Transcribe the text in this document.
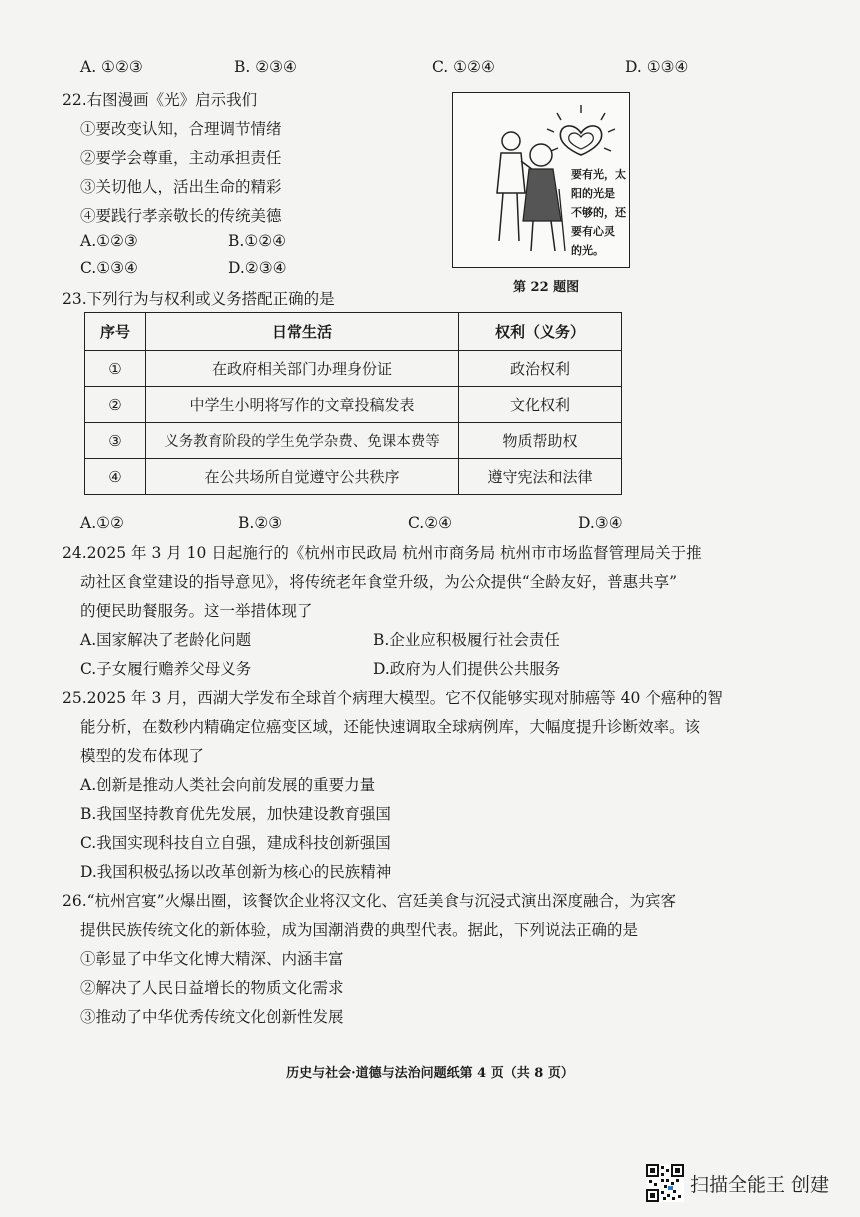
A. ①②③	B. ②③④	C. ①②④	D. ①③④
22.右图漫画《光》启示我们
①要改变认知，合理调节情绪
②要学会尊重，主动承担责任
③关切他人，活出生命的精彩
④要践行孝亲敬长的传统美德
A.①②③	B.①②④
C.①③④	D.②③④
要有光，太
阳的光是
不够的，还
要有心灵
的光。
第 22 题图
23.下列行为与权利或义务搭配正确的是
序号	日常生活	权利（义务）
①	在政府相关部门办理身份证	政治权利
②	中学生小明将写作的文章投稿发表	文化权利
③	义务教育阶段的学生免学杂费、免课本费等	物质帮助权
④	在公共场所自觉遵守公共秩序	遵守宪法和法律
A.①②	B.②③	C.②④	D.③④
24.2025 年 3 月 10 日起施行的《杭州市民政局 杭州市商务局 杭州市市场监督管理局关于推
动社区食堂建设的指导意见》，将传统老年食堂升级，为公众提供“全龄友好，普惠共享”
的便民助餐服务。这一举措体现了
A.国家解决了老龄化问题	B.企业应积极履行社会责任
C.子女履行赡养父母义务	D.政府为人们提供公共服务
25.2025 年 3 月，西湖大学发布全球首个病理大模型。它不仅能够实现对肺癌等 40 个癌种的智
能分析，在数秒内精确定位癌变区域，还能快速调取全球病例库，大幅度提升诊断效率。该
模型的发布体现了
A.创新是推动人类社会向前发展的重要力量
B.我国坚持教育优先发展，加快建设教育强国
C.我国实现科技自立自强，建成科技创新强国
D.我国积极弘扬以改革创新为核心的民族精神
26.“杭州宫宴”火爆出圈，该餐饮企业将汉文化、宫廷美食与沉浸式演出深度融合，为宾客
提供民族传统文化的新体验，成为国潮消费的典型代表。据此，下列说法正确的是
①彰显了中华文化博大精深、内涵丰富
②解决了人民日益增长的物质文化需求
③推动了中华优秀传统文化创新性发展
历史与社会·道德与法治问题纸第 4 页（共 8 页）
扫描全能王 创建
